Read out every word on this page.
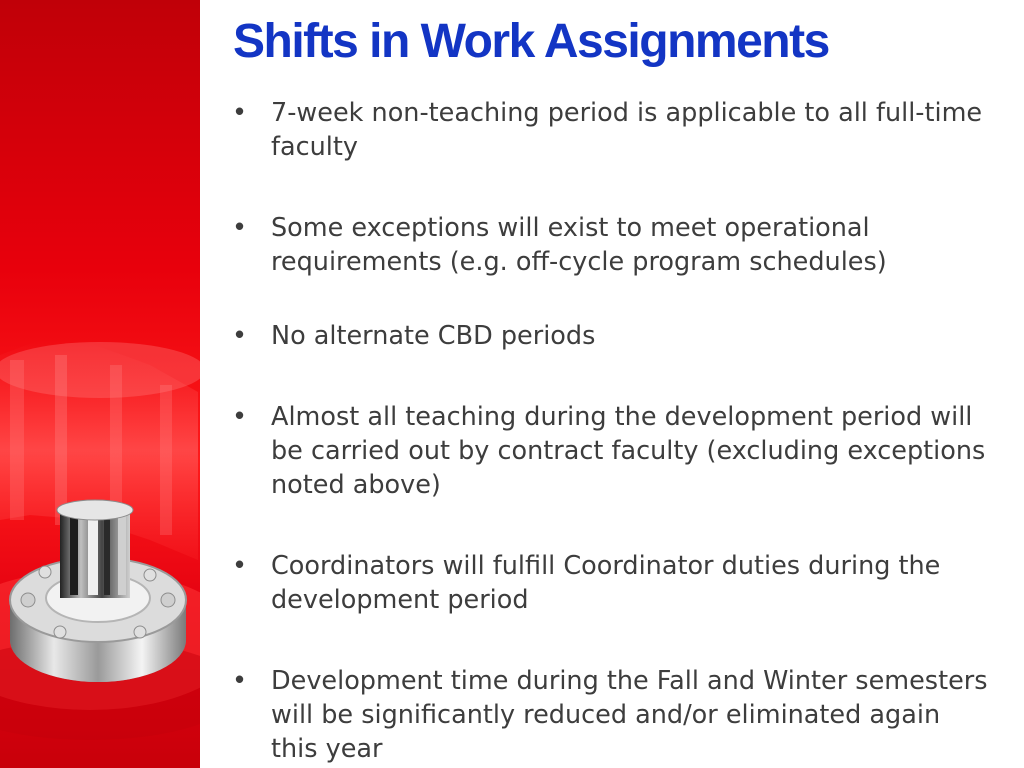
Shifts in Work Assignments
• 7-week non-teaching period is applicable to all full-time faculty
• Some exceptions will exist to meet operational requirements (e.g. off-cycle program schedules)
• No alternate CBD periods
• Almost all teaching during the development period will be carried out by contract faculty (excluding exceptions noted above)
• Coordinators will fulfill Coordinator duties during the development period
• Development time during the Fall and Winter semesters will be significantly reduced and/or eliminated again this year
